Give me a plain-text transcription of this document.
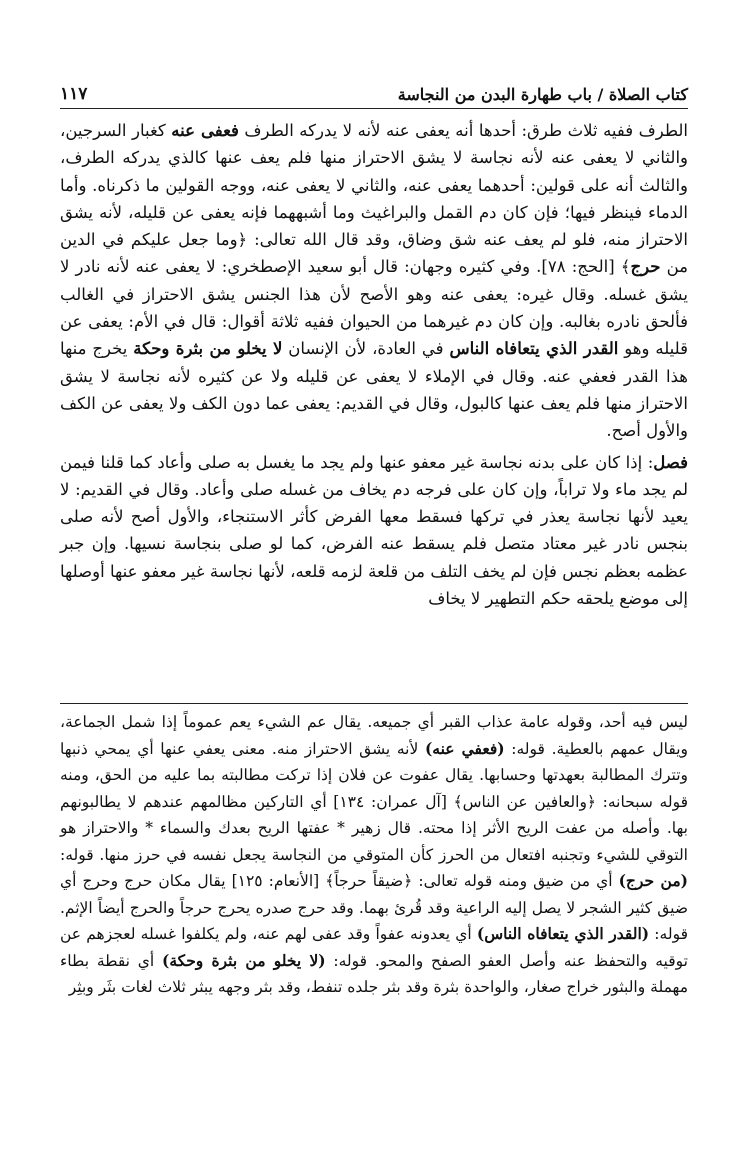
كتاب الصلاة / باب طهارة البدن من النجاسة
١١٧

الطرف ففيه ثلاث طرق: أحدها أنه يعفى عنه لأنه لا يدركه الطرف فعفى عنه كغبار السرجين، والثاني لا يعفى عنه لأنه نجاسة لا يشق الاحتراز منها فلم يعف عنها كالذي يدركه الطرف، والثالث أنه على قولين: أحدهما يعفى عنه، والثاني لا يعفى عنه، ووجه القولين ما ذكرناه. وأما الدماء فينظر فيها؛ فإن كان دم القمل والبراغيث وما أشبههما فإنه يعفى عن قليله، لأنه يشق الاحتراز منه، فلو لم يعف عنه شق وضاق، وقد قال الله تعالى: ﴿وما جعل عليكم في الدين من حرج﴾ [الحج: ٧٨]. وفي كثيره وجهان: قال أبو سعيد الإصطخري: لا يعفى عنه لأنه نادر لا يشق غسله. وقال غيره: يعفى عنه وهو الأصح لأن هذا الجنس يشق الاحتراز في الغالب فألحق نادره بغالبه. وإن كان دم غيرهما من الحيوان ففيه ثلاثة أقوال: قال في الأم: يعفى عن قليله وهو القدر الذي يتعافاه الناس في العادة، لأن الإنسان لا يخلو من بثرة وحكة يخرج منها هذا القدر فعفي عنه. وقال في الإملاء لا يعفى عن قليله ولا عن كثيره لأنه نجاسة لا يشق الاحتراز منها فلم يعف عنها كالبول، وقال في القديم: يعفى عما دون الكف ولا يعفى عن الكف والأول أصح.

فصل: إذا كان على بدنه نجاسة غير معفو عنها ولم يجد ما يغسل به صلى وأعاد كما قلنا فيمن لم يجد ماء ولا تراباً، وإن كان على فرجه دم يخاف من غسله صلى وأعاد. وقال في القديم: لا يعيد لأنها نجاسة يعذر في تركها فسقط معها الفرض كأثر الاستنجاء، والأول أصح لأنه صلى بنجس نادر غير معتاد متصل فلم يسقط عنه الفرض، كما لو صلى بنجاسة نسيها. وإن جبر عظمه بعظم نجس فإن لم يخف التلف من قلعة لزمه قلعه، لأنها نجاسة غير معفو عنها أوصلها إلى موضع يلحقه حكم التطهير لا يخاف

ليس فيه أحد، وقوله عامة عذاب القبر أي جميعه. يقال عم الشيء يعم عموماً إذا شمل الجماعة، ويقال عمهم بالعطية. قوله: (فعفي عنه) لأنه يشق الاحتراز منه. معنى يعفي عنها أي يمحي ذنبها وتترك المطالبة بعهدتها وحسابها. يقال عفوت عن فلان إذا تركت مطالبته بما عليه من الحق، ومنه قوله سبحانه: ﴿والعافين عن الناس﴾ [آل عمران: ١٣٤] أي التاركين مظالمهم عندهم لا يطالبونهم بها. وأصله من عفت الريح الأثر إذا محته. قال زهير * عفتها الريح بعدك والسماء * والاحتراز هو التوقي للشيء وتجنبه افتعال من الحرز كأن المتوقي من النجاسة يجعل نفسه في حرز منها. قوله: (من حرج) أي من ضيق ومنه قوله تعالى: ﴿ضيقاً حرجاً﴾ [الأنعام: ١٢٥] يقال مكان حرج وحرج أي ضيق كثير الشجر لا يصل إليه الراعية وقد قُرئ بهما. وقد حرج صدره يحرج حرجاً والحرج أيضاً الإثم. قوله: (القدر الذي يتعافاه الناس) أي يعدونه عفواً وقد عفى لهم عنه، ولم يكلفوا غسله لعجزهم عن توقيه والتحفظ عنه وأصل العفو الصفح والمحو. قوله: (لا يخلو من بثرة وحكة) أي نقطة بطاء مهملة والبثور خراج صغار، والواحدة بثرة وقد بثر جلده تنفط، وقد بثر وجهه يبثر ثلاث لغات بثَر وبثِر
